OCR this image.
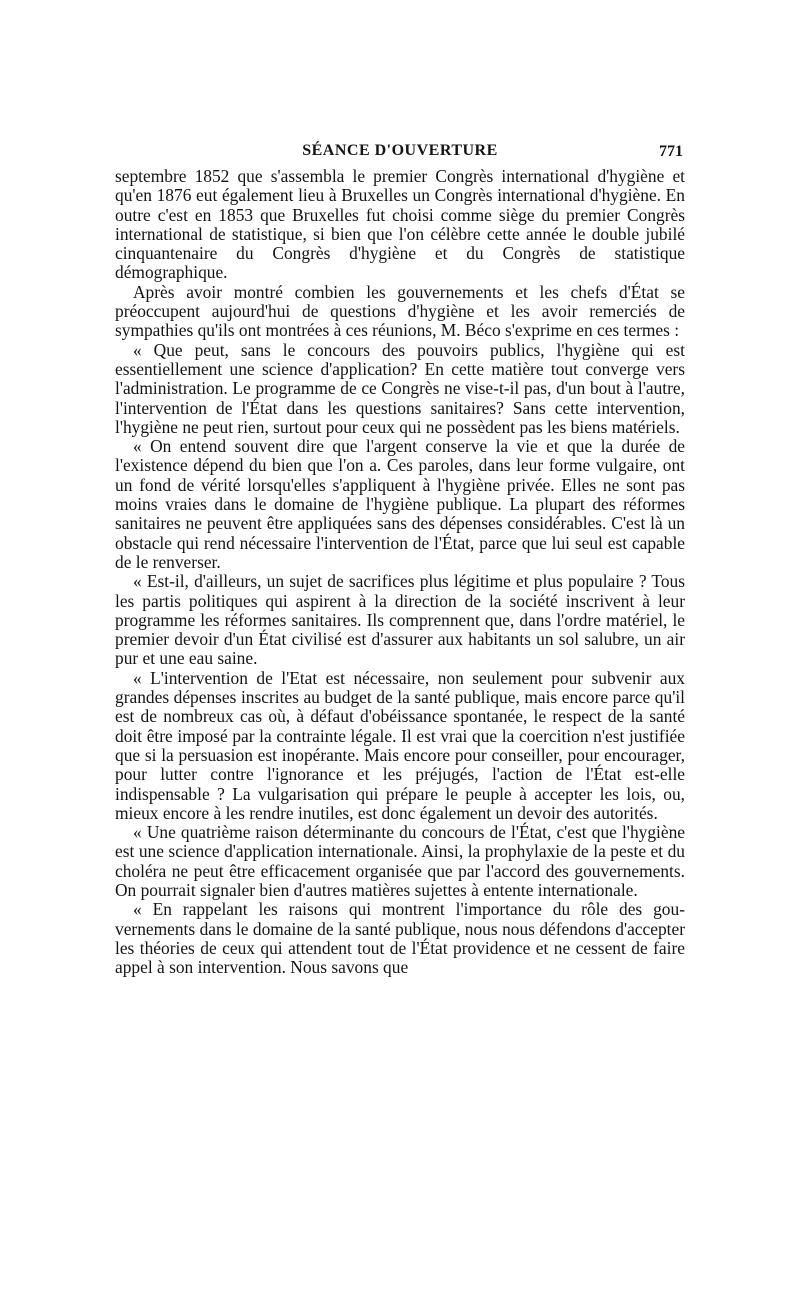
SÉANCE D'OUVERTURE	771

septembre 1852 que s'assembla le premier Congrès international d'hygiène et qu'en 1876 eut également lieu à Bruxelles un Congrès international d'hygiène. En outre c'est en 1853 que Bruxelles fut choisi comme siège du premier Congrès international de statistique, si bien que l'on célèbre cette année le double jubilé cinquantenaire du Congrès d'hygiène et du Congrès de statistique démographique.

Après avoir montré combien les gouvernements et les chefs d'État se préoccupent aujourd'hui de questions d'hygiène et les avoir remerciés de sympathies qu'ils ont montrées à ces réunions, M. Béco s'exprime en ces termes :

« Que peut, sans le concours des pouvoirs publics, l'hygiène qui est essentiellement une science d'application? En cette matière tout converge vers l'administration. Le programme de ce Congrès ne vise-t-il pas, d'un bout à l'autre, l'intervention de l'État dans les questions sanitaires? Sans cette intervention, l'hygiène ne peut rien, surtout pour ceux qui ne possèdent pas les biens matériels.

« On entend souvent dire que l'argent conserve la vie et que la durée de l'existence dépend du bien que l'on a. Ces paroles, dans leur forme vulgaire, ont un fond de vérité lorsqu'elles s'appliquent à l'hygiène privée. Elles ne sont pas moins vraies dans le domaine de l'hygiène publique. La plupart des réformes sanitaires ne peuvent être appliquées sans des dépenses considérables. C'est là un obstacle qui rend nécessaire l'intervention de l'État, parce que lui seul est capable de le renverser.

« Est-il, d'ailleurs, un sujet de sacrifices plus légitime et plus populaire ? Tous les partis politiques qui aspirent à la direction de la société inscrivent à leur programme les réformes sanitaires. Ils comprennent que, dans l'ordre matériel, le premier devoir d'un État civilisé est d'assurer aux habitants un sol salubre, un air pur et une eau saine.

« L'intervention de l'Etat est nécessaire, non seulement pour subvenir aux grandes dépenses inscrites au budget de la santé publique, mais encore parce qu'il est de nombreux cas où, à défaut d'obéissance spontanée, le respect de la santé doit être imposé par la contrainte légale. Il est vrai que la coercition n'est justifiée que si la persuasion est inopérante. Mais encore pour conseiller, pour encourager, pour lutter contre l'ignorance et les préjugés, l'action de l'État est-elle indispensable ? La vulgarisation qui prépare le peuple à accepter les lois, ou, mieux encore à les rendre inutiles, est donc également un devoir des autorités.

« Une quatrième raison déterminante du concours de l'État, c'est que l'hygiène est une science d'application internationale. Ainsi, la prophylaxie de la peste et du choléra ne peut être efficacement organisée que par l'accord des gouvernements. On pourrait signaler bien d'autres matières sujettes à entente internationale.

« En rappelant les raisons qui montrent l'importance du rôle des gouvernements dans le domaine de la santé publique, nous nous défendons d'accepter les théories de ceux qui attendent tout de l'État providence et ne cessent de faire appel à son intervention. Nous savons que
